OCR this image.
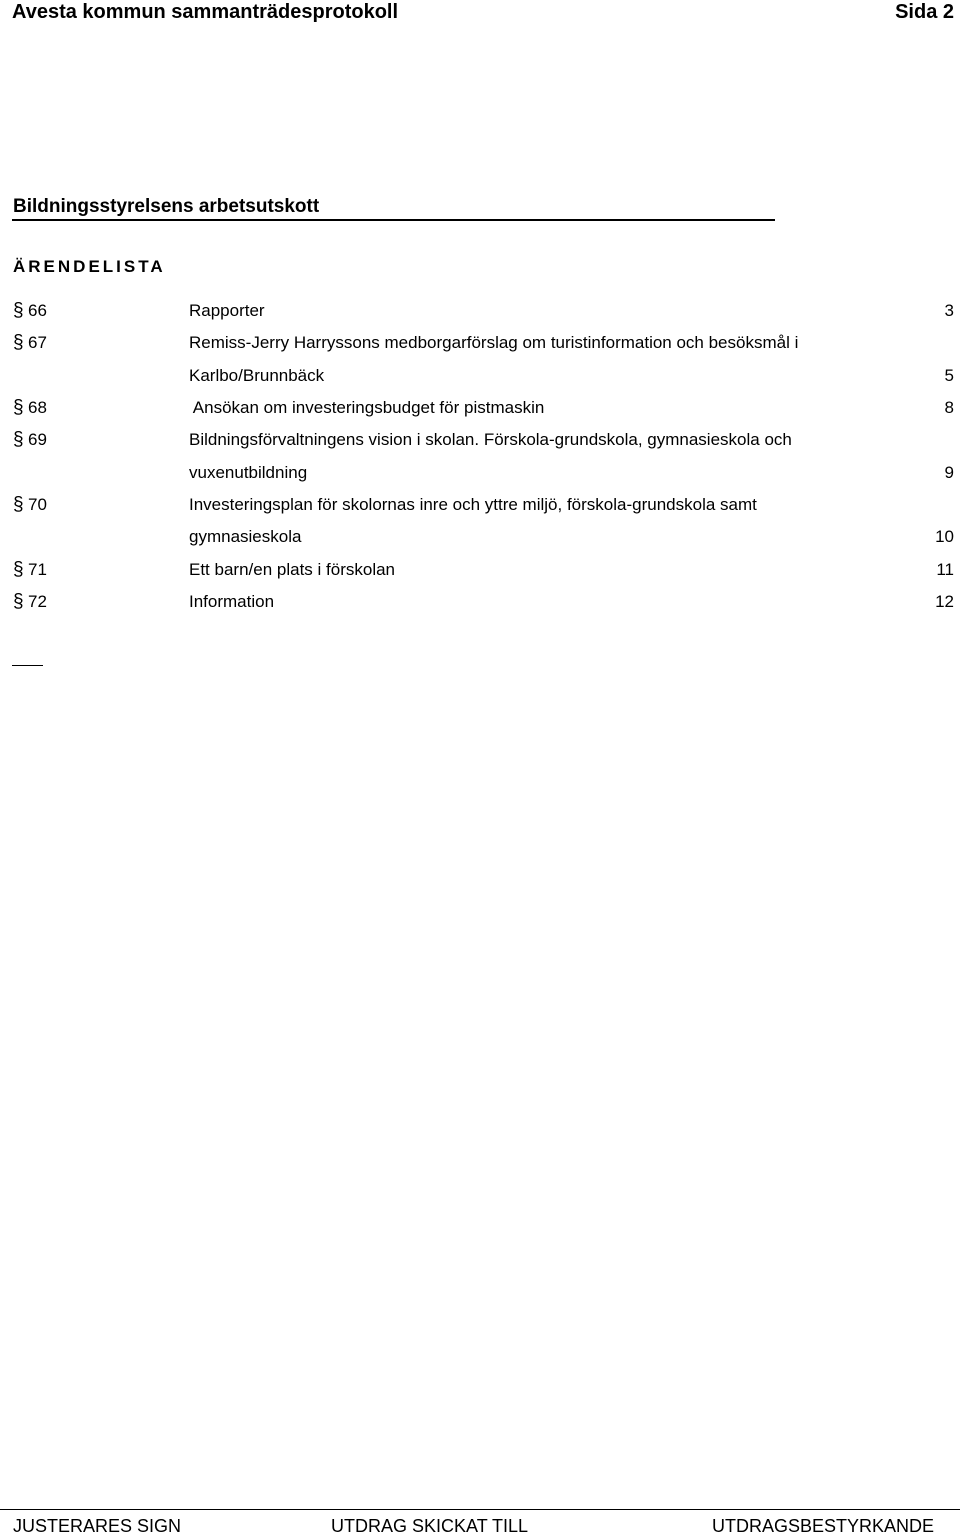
Avesta kommun sammanträdesprotokoll	Sida 2
Bildningsstyrelsens arbetsutskott
ÄRENDELISTA
§ 66	Rapporter	3
§ 67	Remiss-Jerry Harryssons medborgarförslag om turistinformation och besöksmål i
Karlbo/Brunnbäck	5
§ 68	Ansökan om investeringsbudget för pistmaskin	8
§ 69	Bildningsförvaltningens vision i skolan. Förskola-grundskola, gymnasieskola och
vuxenutbildning	9
§ 70	Investeringsplan för skolornas inre och yttre miljö, förskola-grundskola samt
gymnasieskola	10
§ 71	Ett barn/en plats i förskolan	11
§ 72	Information	12
JUSTERARES SIGN	UTDRAG SKICKAT TILL	UTDRAGSBESTYRKANDE
